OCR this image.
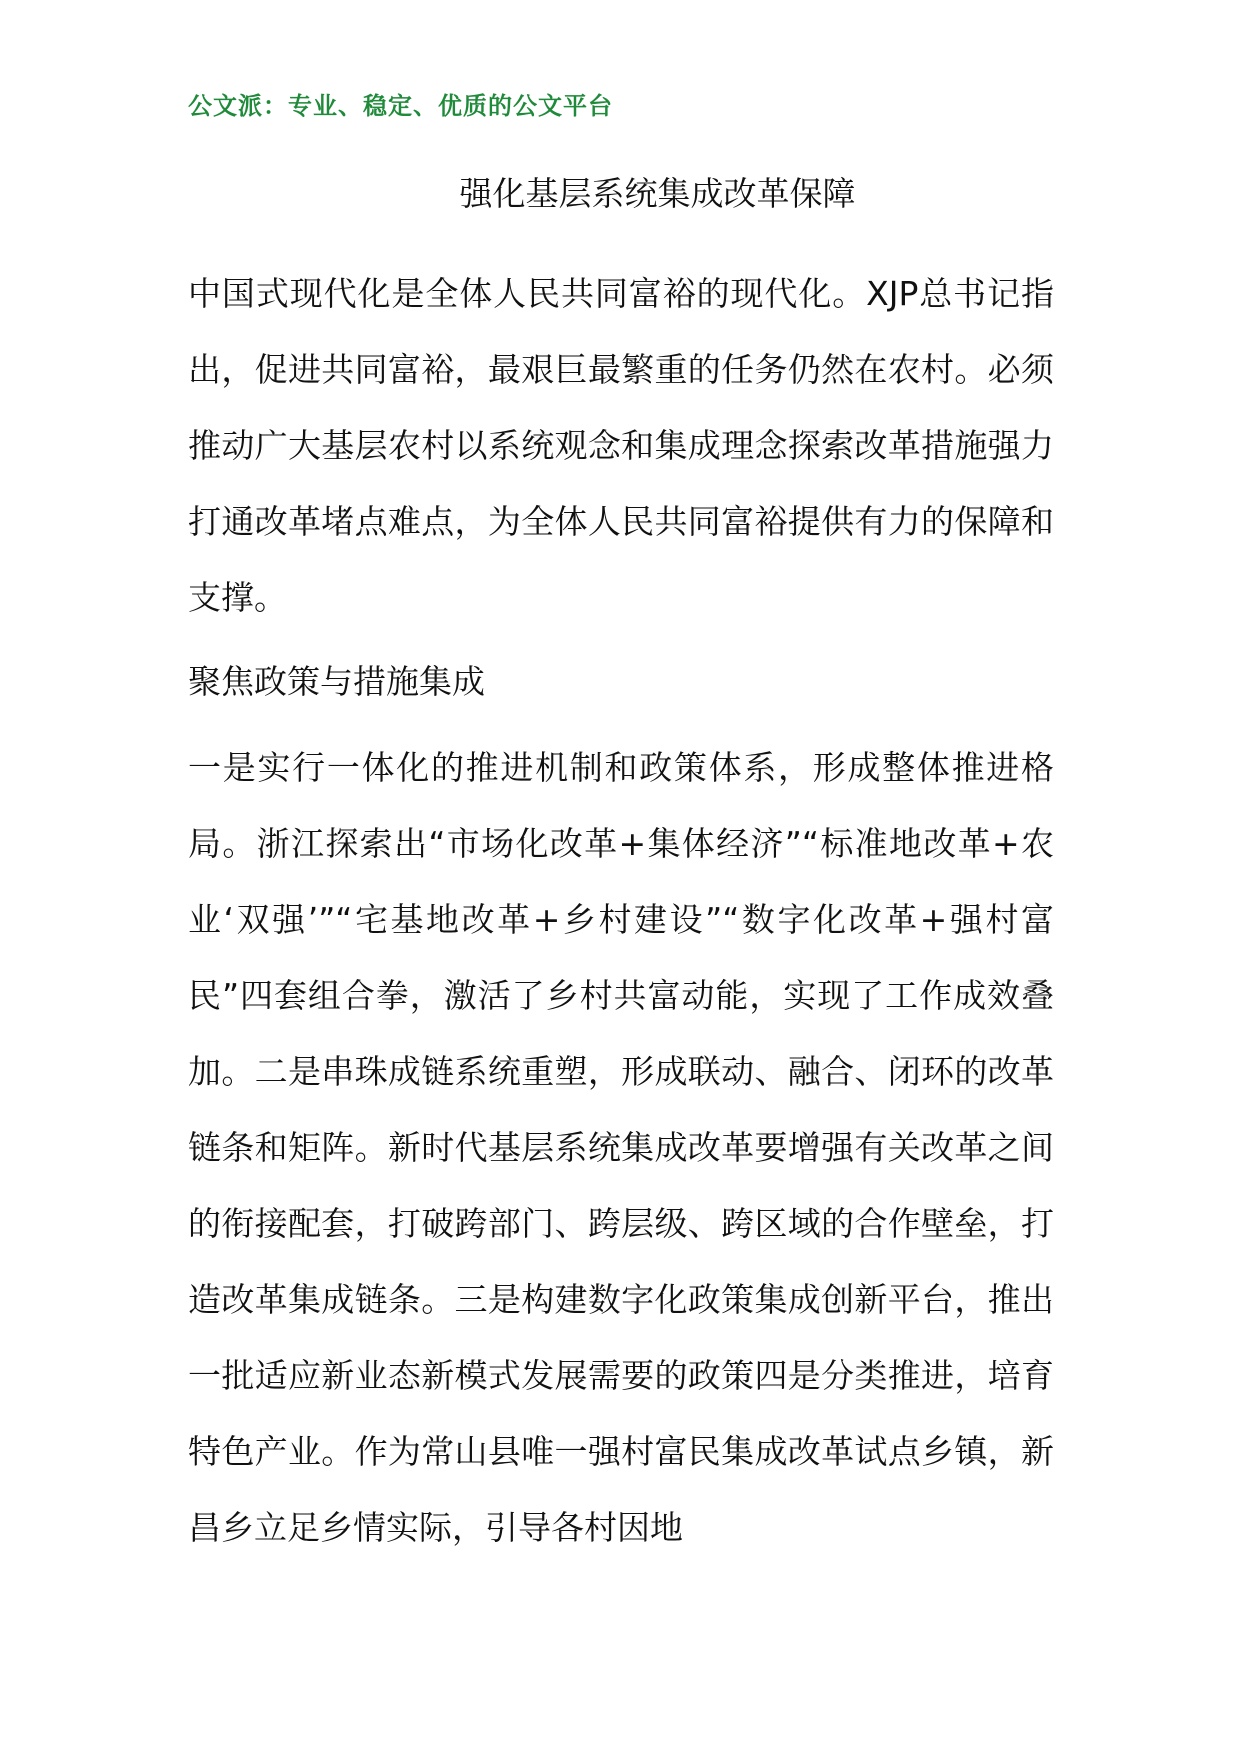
公文派：专业、稳定、优质的公文平台
强化基层系统集成改革保障

中国式现代化是全体人民共同富裕的现代化。XJP总书记指出，促进共同富裕，最艰巨最繁重的任务仍然在农村。必须推动广大基层农村以系统观念和集成理念探索改革措施强力打通改革堵点难点，为全体人民共同富裕提供有力的保障和支撑。

聚焦政策与措施集成

一是实行一体化的推进机制和政策体系，形成整体推进格局。浙江探索出“市场化改革+集体经济”“标准地改革+农业‘双强’”“宅基地改革+乡村建设”“数字化改革+强村富民”四套组合拳，激活了乡村共富动能，实现了工作成效叠加。二是串珠成链系统重塑，形成联动、融合、闭环的改革链条和矩阵。新时代基层系统集成改革要增强有关改革之间的衔接配套，打破跨部门、跨层级、跨区域的合作壁垒，打造改革集成链条。三是构建数字化政策集成创新平台，推出一批适应新业态新模式发展需要的政策四是分类推进，培育特色产业。作为常山县唯一强村富民集成改革试点乡镇，新昌乡立足乡情实际，引导各村因地
